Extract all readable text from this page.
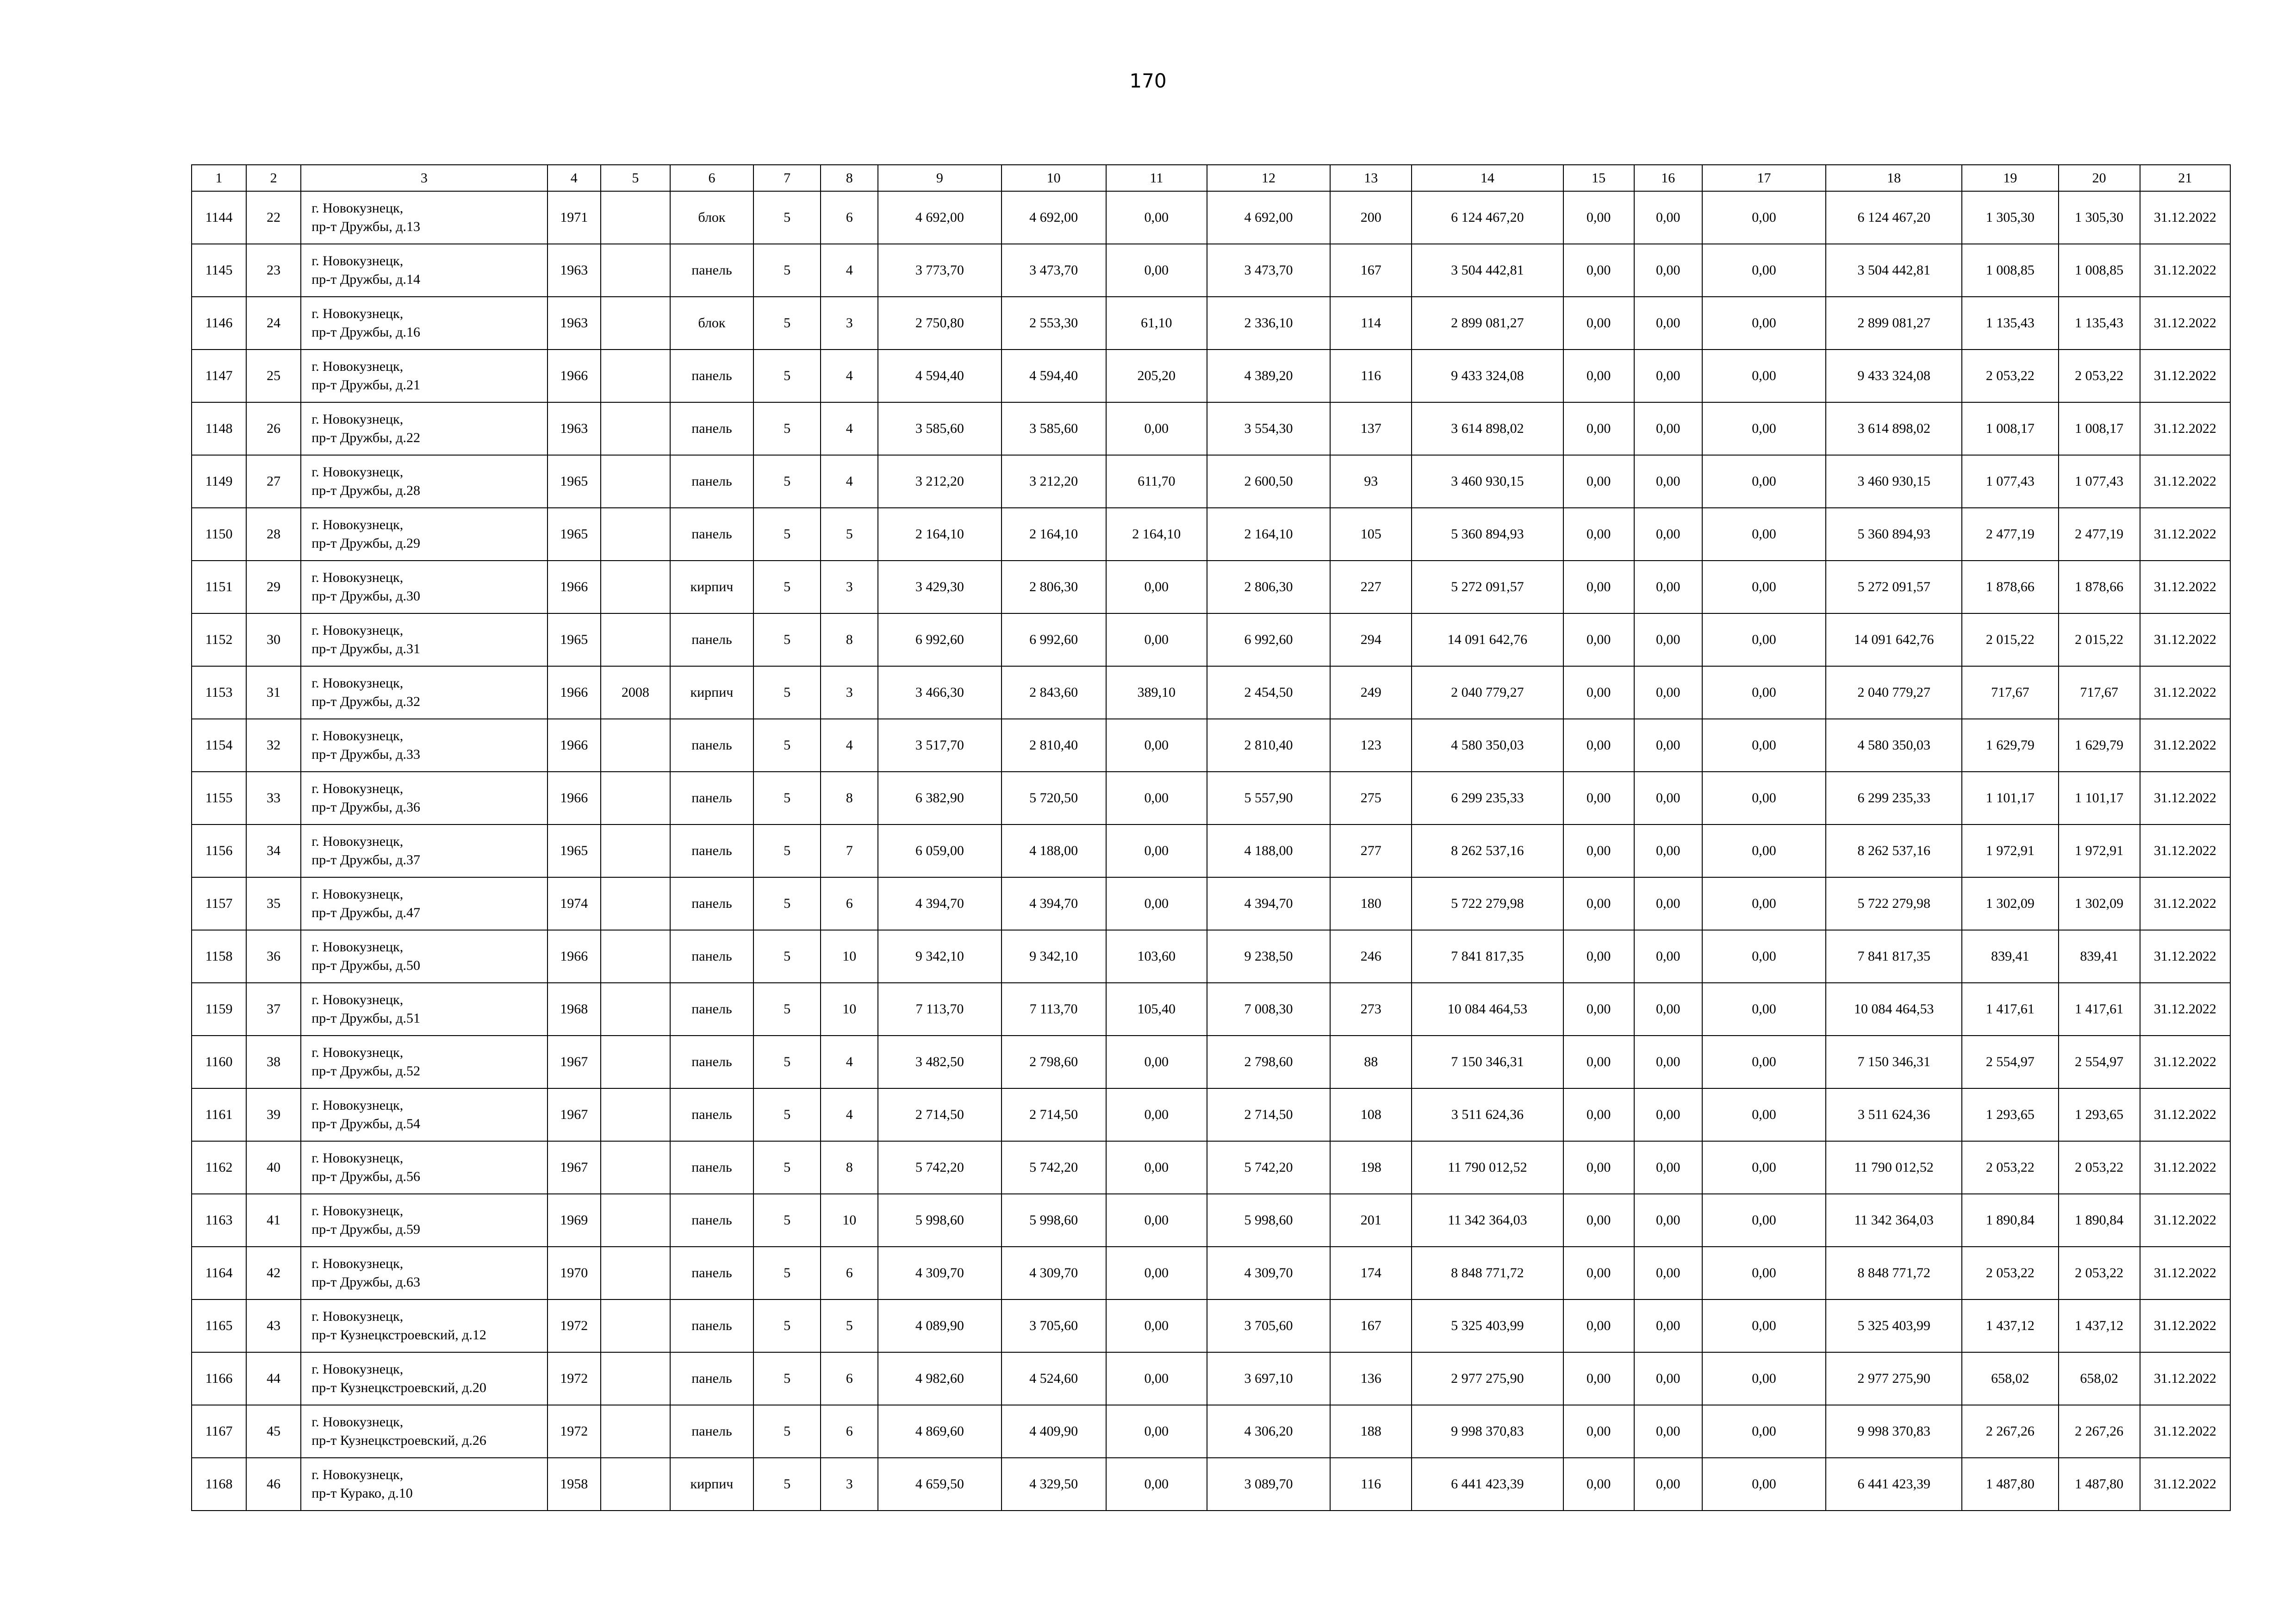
170
1	2	3	4	5	6	7	8	9	10	11	12	13	14	15	16	17	18	19	20	21
1144	22	г. Новокузнецк,
пр-т Дружбы, д.13	1971		блок	5	6	4 692,00	4 692,00	0,00	4 692,00	200	6 124 467,20	0,00	0,00	0,00	6 124 467,20	1 305,30	1 305,30	31.12.2022
1145	23	г. Новокузнецк,
пр-т Дружбы, д.14	1963		панель	5	4	3 773,70	3 473,70	0,00	3 473,70	167	3 504 442,81	0,00	0,00	0,00	3 504 442,81	1 008,85	1 008,85	31.12.2022
1146	24	г. Новокузнецк,
пр-т Дружбы, д.16	1963		блок	5	3	2 750,80	2 553,30	61,10	2 336,10	114	2 899 081,27	0,00	0,00	0,00	2 899 081,27	1 135,43	1 135,43	31.12.2022
1147	25	г. Новокузнецк,
пр-т Дружбы, д.21	1966		панель	5	4	4 594,40	4 594,40	205,20	4 389,20	116	9 433 324,08	0,00	0,00	0,00	9 433 324,08	2 053,22	2 053,22	31.12.2022
1148	26	г. Новокузнецк,
пр-т Дружбы, д.22	1963		панель	5	4	3 585,60	3 585,60	0,00	3 554,30	137	3 614 898,02	0,00	0,00	0,00	3 614 898,02	1 008,17	1 008,17	31.12.2022
1149	27	г. Новокузнецк,
пр-т Дружбы, д.28	1965		панель	5	4	3 212,20	3 212,20	611,70	2 600,50	93	3 460 930,15	0,00	0,00	0,00	3 460 930,15	1 077,43	1 077,43	31.12.2022
1150	28	г. Новокузнецк,
пр-т Дружбы, д.29	1965		панель	5	5	2 164,10	2 164,10	2 164,10	2 164,10	105	5 360 894,93	0,00	0,00	0,00	5 360 894,93	2 477,19	2 477,19	31.12.2022
1151	29	г. Новокузнецк,
пр-т Дружбы, д.30	1966		кирпич	5	3	3 429,30	2 806,30	0,00	2 806,30	227	5 272 091,57	0,00	0,00	0,00	5 272 091,57	1 878,66	1 878,66	31.12.2022
1152	30	г. Новокузнецк,
пр-т Дружбы, д.31	1965		панель	5	8	6 992,60	6 992,60	0,00	6 992,60	294	14 091 642,76	0,00	0,00	0,00	14 091 642,76	2 015,22	2 015,22	31.12.2022
1153	31	г. Новокузнецк,
пр-т Дружбы, д.32	1966	2008	кирпич	5	3	3 466,30	2 843,60	389,10	2 454,50	249	2 040 779,27	0,00	0,00	0,00	2 040 779,27	717,67	717,67	31.12.2022
1154	32	г. Новокузнецк,
пр-т Дружбы, д.33	1966		панель	5	4	3 517,70	2 810,40	0,00	2 810,40	123	4 580 350,03	0,00	0,00	0,00	4 580 350,03	1 629,79	1 629,79	31.12.2022
1155	33	г. Новокузнецк,
пр-т Дружбы, д.36	1966		панель	5	8	6 382,90	5 720,50	0,00	5 557,90	275	6 299 235,33	0,00	0,00	0,00	6 299 235,33	1 101,17	1 101,17	31.12.2022
1156	34	г. Новокузнецк,
пр-т Дружбы, д.37	1965		панель	5	7	6 059,00	4 188,00	0,00	4 188,00	277	8 262 537,16	0,00	0,00	0,00	8 262 537,16	1 972,91	1 972,91	31.12.2022
1157	35	г. Новокузнецк,
пр-т Дружбы, д.47	1974		панель	5	6	4 394,70	4 394,70	0,00	4 394,70	180	5 722 279,98	0,00	0,00	0,00	5 722 279,98	1 302,09	1 302,09	31.12.2022
1158	36	г. Новокузнецк,
пр-т Дружбы, д.50	1966		панель	5	10	9 342,10	9 342,10	103,60	9 238,50	246	7 841 817,35	0,00	0,00	0,00	7 841 817,35	839,41	839,41	31.12.2022
1159	37	г. Новокузнецк,
пр-т Дружбы, д.51	1968		панель	5	10	7 113,70	7 113,70	105,40	7 008,30	273	10 084 464,53	0,00	0,00	0,00	10 084 464,53	1 417,61	1 417,61	31.12.2022
1160	38	г. Новокузнецк,
пр-т Дружбы, д.52	1967		панель	5	4	3 482,50	2 798,60	0,00	2 798,60	88	7 150 346,31	0,00	0,00	0,00	7 150 346,31	2 554,97	2 554,97	31.12.2022
1161	39	г. Новокузнецк,
пр-т Дружбы, д.54	1967		панель	5	4	2 714,50	2 714,50	0,00	2 714,50	108	3 511 624,36	0,00	0,00	0,00	3 511 624,36	1 293,65	1 293,65	31.12.2022
1162	40	г. Новокузнецк,
пр-т Дружбы, д.56	1967		панель	5	8	5 742,20	5 742,20	0,00	5 742,20	198	11 790 012,52	0,00	0,00	0,00	11 790 012,52	2 053,22	2 053,22	31.12.2022
1163	41	г. Новокузнецк,
пр-т Дружбы, д.59	1969		панель	5	10	5 998,60	5 998,60	0,00	5 998,60	201	11 342 364,03	0,00	0,00	0,00	11 342 364,03	1 890,84	1 890,84	31.12.2022
1164	42	г. Новокузнецк,
пр-т Дружбы, д.63	1970		панель	5	6	4 309,70	4 309,70	0,00	4 309,70	174	8 848 771,72	0,00	0,00	0,00	8 848 771,72	2 053,22	2 053,22	31.12.2022
1165	43	г. Новокузнецк,
пр-т Кузнецкстроевский, д.12	1972		панель	5	5	4 089,90	3 705,60	0,00	3 705,60	167	5 325 403,99	0,00	0,00	0,00	5 325 403,99	1 437,12	1 437,12	31.12.2022
1166	44	г. Новокузнецк,
пр-т Кузнецкстроевский, д.20	1972		панель	5	6	4 982,60	4 524,60	0,00	3 697,10	136	2 977 275,90	0,00	0,00	0,00	2 977 275,90	658,02	658,02	31.12.2022
1167	45	г. Новокузнецк,
пр-т Кузнецкстроевский, д.26	1972		панель	5	6	4 869,60	4 409,90	0,00	4 306,20	188	9 998 370,83	0,00	0,00	0,00	9 998 370,83	2 267,26	2 267,26	31.12.2022
1168	46	г. Новокузнецк,
пр-т Курако, д.10	1958		кирпич	5	3	4 659,50	4 329,50	0,00	3 089,70	116	6 441 423,39	0,00	0,00	0,00	6 441 423,39	1 487,80	1 487,80	31.12.2022
